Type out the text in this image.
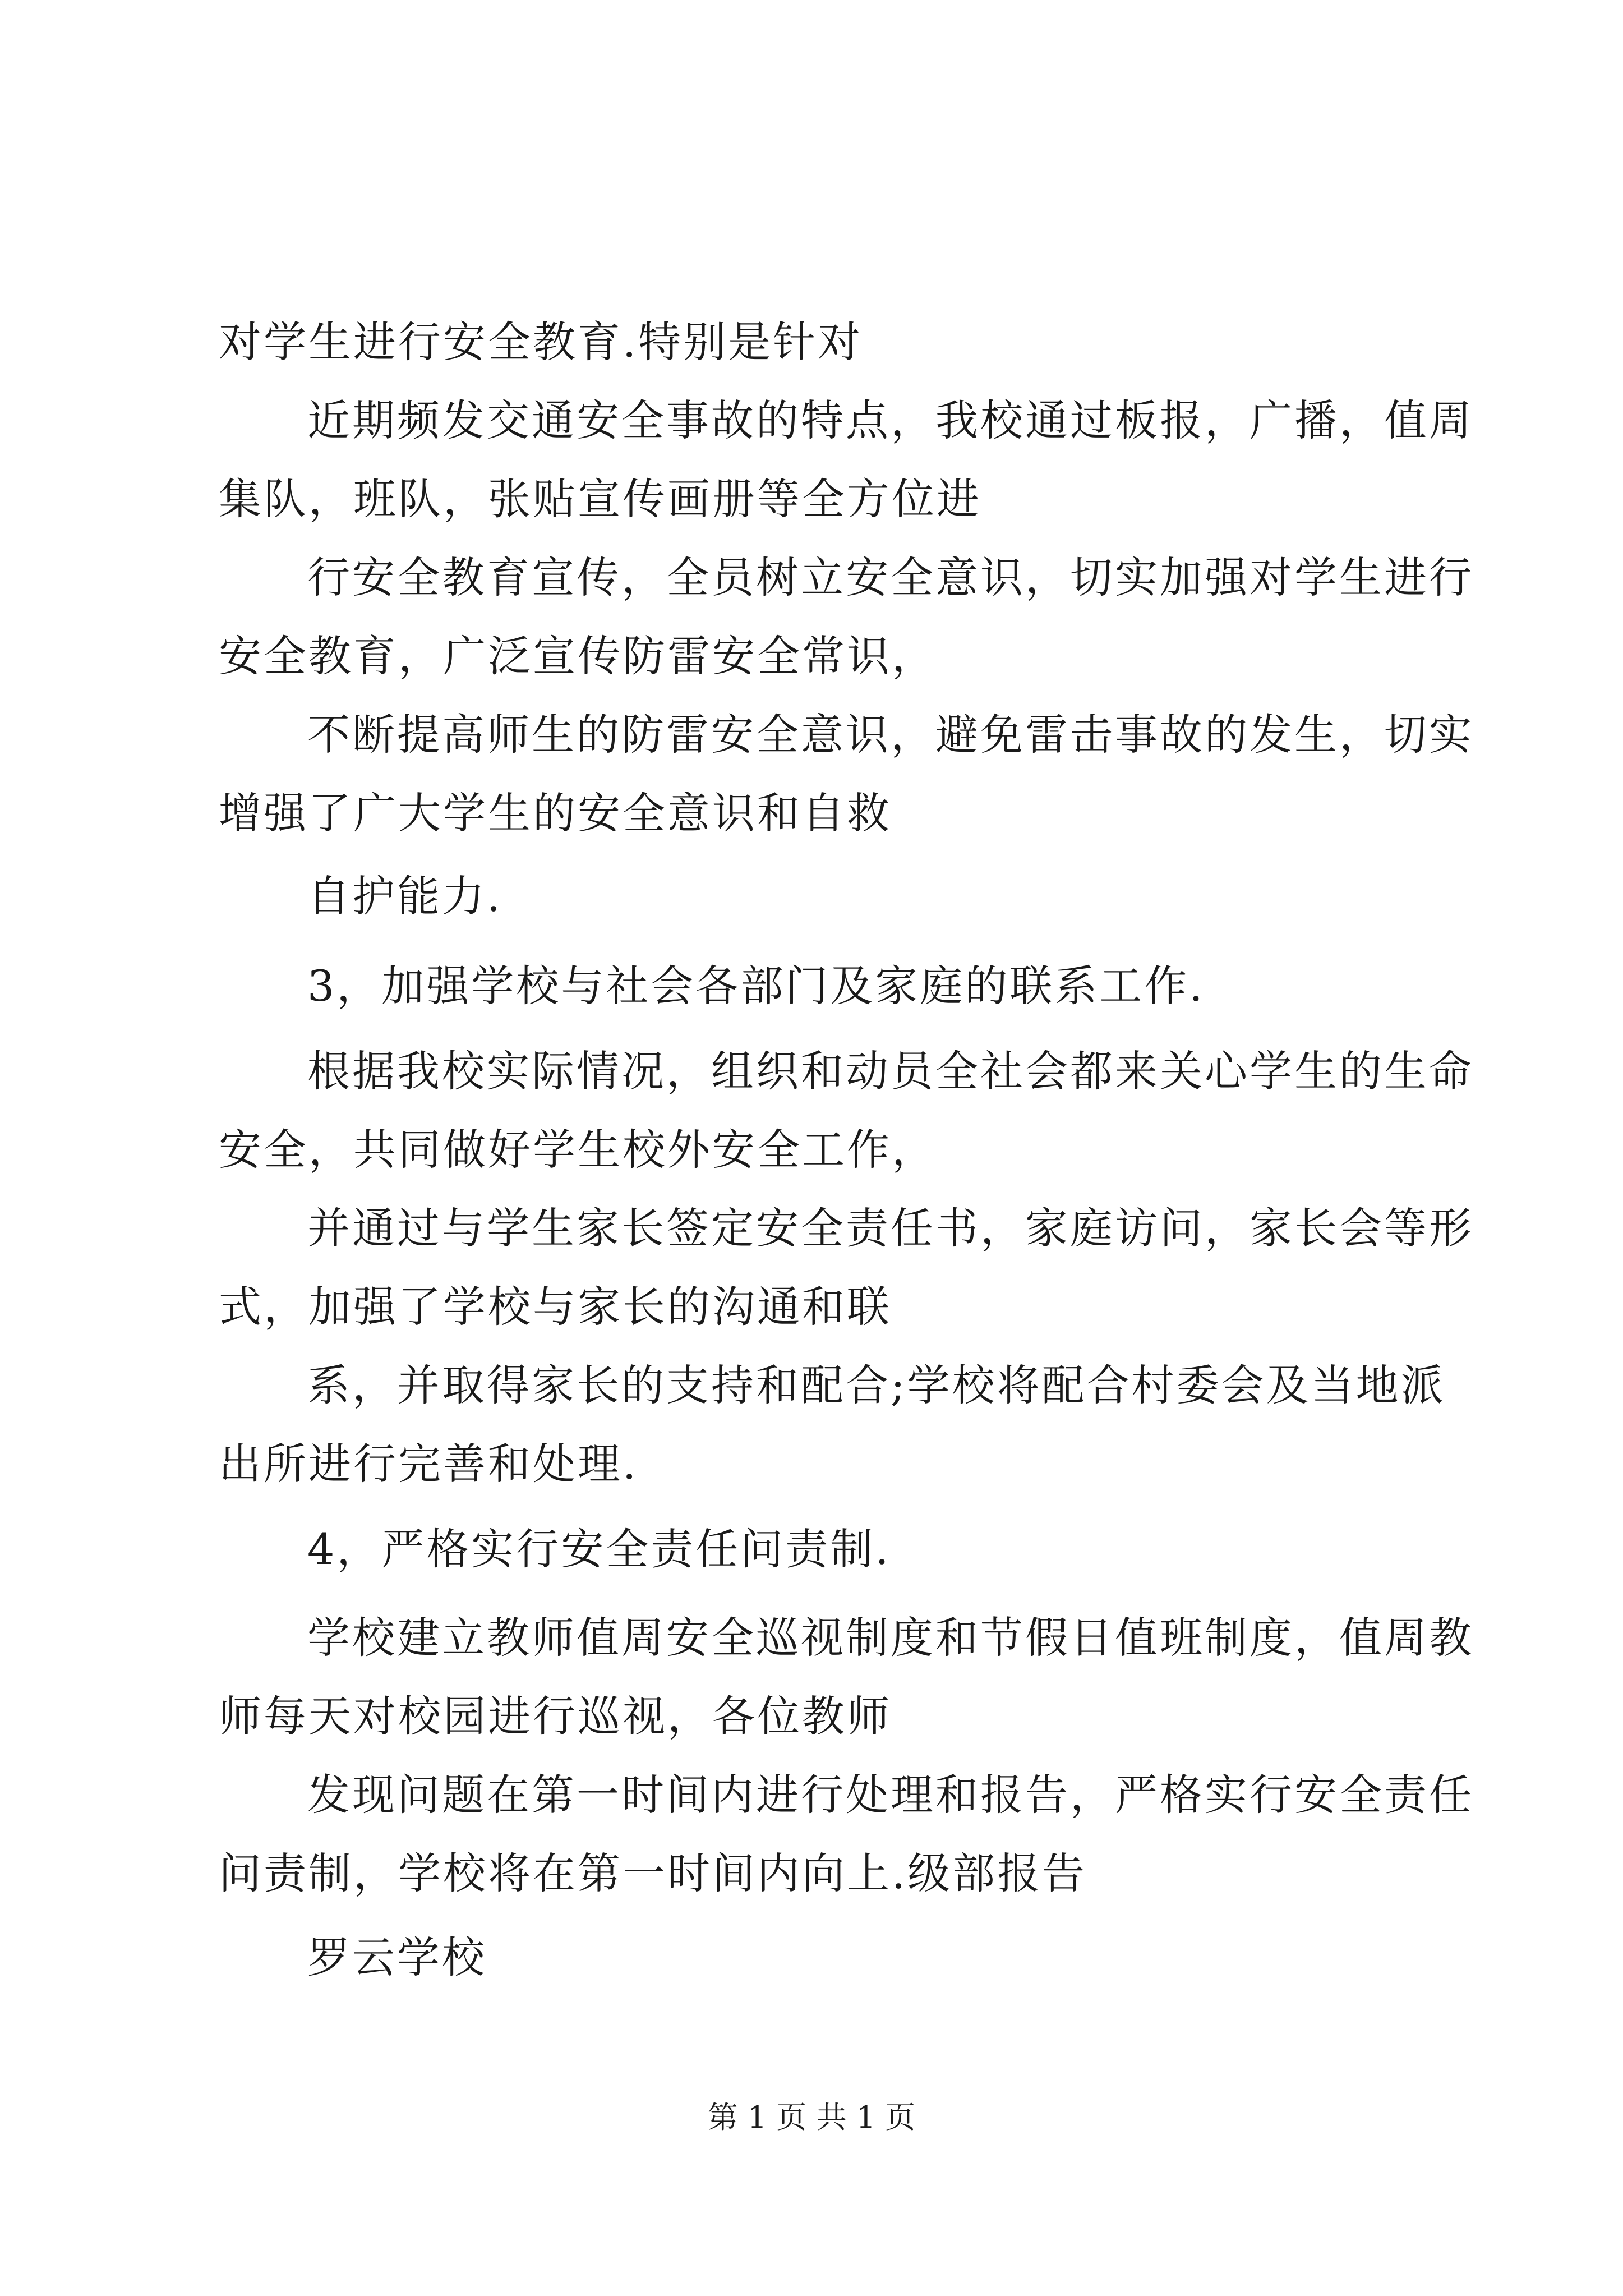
对学生进行安全教育.特别是针对
近期频发交通安全事故的特点，我校通过板报，广播，值周
集队，班队，张贴宣传画册等全方位进
行安全教育宣传，全员树立安全意识，切实加强对学生进行
安全教育，广泛宣传防雷安全常识，
不断提高师生的防雷安全意识，避免雷击事故的发生，切实
增强了广大学生的安全意识和自救
自护能力.
3，加强学校与社会各部门及家庭的联系工作.
根据我校实际情况，组织和动员全社会都来关心学生的生命
安全，共同做好学生校外安全工作，
并通过与学生家长签定安全责任书，家庭访问，家长会等形
式，加强了学校与家长的沟通和联
系，并取得家长的支持和配合;学校将配合村委会及当地派
出所进行完善和处理.
4，严格实行安全责任问责制.
学校建立教师值周安全巡视制度和节假日值班制度，值周教
师每天对校园进行巡视，各位教师
发现问题在第一时间内进行处理和报告，严格实行安全责任
问责制，学校将在第一时间内向上.级部报告
罗云学校
第 1 页 共 1 页
